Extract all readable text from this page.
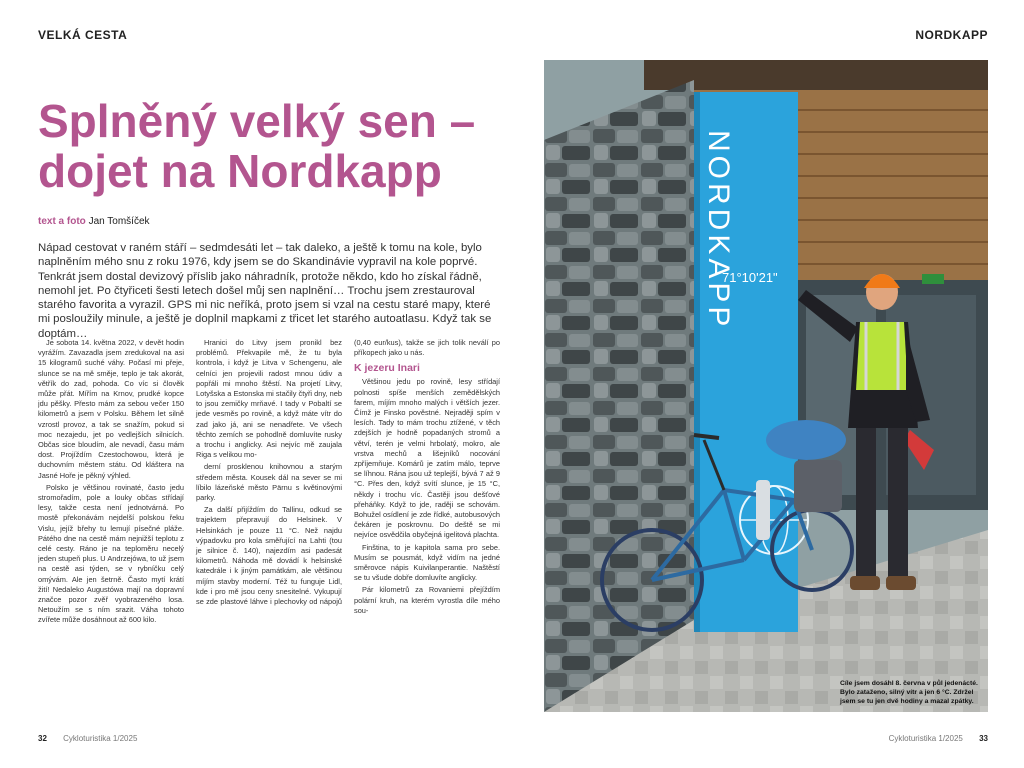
VELKÁ CESTA
Splněný velký sen –
dojet na Nordkapp
text a foto Jan Tomšíček
Nápad cestovat v raném stáří – sedmdesáti let – tak daleko, a ještě k tomu na kole, bylo naplněním mého snu z roku 1976, kdy jsem se do Skandinávie vypravil na kole poprvé. Tenkrát jsem dostal devizový příslib jako náhradník, protože někdo, kdo ho získal řádně, nemohl jet. Po čtyřiceti šesti letech došel můj sen naplnění… Trochu jsem zrestauroval starého favorita a vyrazil. GPS mi nic neříká, proto jsem si vzal na cestu staré mapy, které mi posloužily minule, a ještě je doplnil mapkami z třicet let starého autoatlasu. Když tak se doptám…

Je sobota 14. května 2022, v devět hodin vyrážím. Zavazadla jsem zredukoval na asi 15 kilogramů suché váhy. Počasí mi přeje, slunce se na mě směje, teplo je tak akorát, větřík do zad, pohoda. Co víc si člověk může přát. Mířím na Krnov, prudké kopce jdu pěšky. Přesto mám za sebou večer 150 kilometrů a jsem v Polsku. Během let silně vzrostl provoz, a tak se snažím, pokud si moc nezajedu, jet po vedlejších silnicích. Občas sice bloudím, ale nevadí, času mám dost. Projíždím Czestochowou, která je duchovním městem státu. Od kláštera na Jasné Hoře je pěkný výhled.

Polsko je většinou rovinaté, často jedu stromořadím, pole a louky občas střídají lesy, takže cesta není jednotvárná. Po mostě překonávám nejdelší polskou řeku Vislu, jejíž břehy tu lemují písečné pláže. Pátého dne na cestě mám nejnižší teplotu z celé cesty. Ráno je na teploměru necelý jeden stupeň plus. U Andrzejówa, to už jsem na cestě asi týden, se v rybníčku celý omývám. Ale jen šetrně. Často mytí krátí žití! Nedaleko Augustówa mají na dopravní značce pozor zvěř vyobrazeného losa. Netoužím se s ním srazit. Váha tohoto zvířete může dosáhnout až 600 kilo.

Hranici do Litvy jsem pronikl bez problémů. Překvapile mě, že tu byla kontrola, i když je Litva v Schengenu, ale celníci jen projevili radost mnou údiv a popřáli mi mnoho štěstí. Na projetí Litvy, Lotyšska a Estonska mi stačily čtyři dny, neb to jsou zemičky mrňavé. I tady v Pobaltí se jede vesměs po rovině, a když máte vítr do zad jako já, ani se nenadřete. Ve všech těchto zemích se pohodlně domluvíte rusky a trochu i anglicky. Asi nejvíc mě zaujala Riga s velikou mo-

derní prosklenou knihovnou a starým středem města. Kousek dál na sever se mi líbilo lázeňské město Pärnu s květinovými parky.

Za další přijíždím do Tallinu, odkud se trajektem přepravují do Helsinek. V Helsinkách je pouze 11 °C. Než najdu výpadovku pro kola směřující na Lahti (tou je silnice č. 140), najezdím asi padesát kilometrů. Náhoda mě dovádí k helsinské katedrále i k jiným památkám, ale většinou míjím stavby moderní. Též tu funguje Lidl, kde i pro mě jsou ceny snesitelné. Vykupují se zde plastové láhve i plechovky od nápojů (0,40 eur/kus), takže se jich tolik neválí po příkopech jako u nás.

K jezeru Inari

Většinou jedu po rovině, lesy střídají polnosti spíše menších zemědělských farem, míjím mnoho malých i větších jezer. Čímž je Finsko pověstné. Nejraději spím v lesích. Tady to mám trochu ztížené, v těch zdejších je hodně popadaných stromů a větví, terén je velmi hrbolatý, mokro, ale vrstva mechů a lišejníků nocování zpříjemňuje. Komárů je zatím málo, teprve se líhnou. Rána jsou už teplejší, bývá 7 až 9 °C. Přes den, když svítí slunce, je 15 °C, někdy i trochu víc. Častěji jsou dešťové přeháňky. Když to jde, raději se schovám. Bohužel osídlení je zde řídké, autobusových čekáren je poskrovnu. Do deště se mi nejvíce osvědčila obyčejná igelitová plachta.

Finština, to je kapitola sama pro sebe. Musím se pousmát, když vidím na jedné směrovce nápis Kuivilanperantie. Naštěstí se tu všude dobře domluvíte anglicky.

Pár kilometrů za Rovaniemi přejíždím polární kruh, na kterém vyrostla díle mého sou-

32 Cykloturistika 1/2025
NORDKAPP
Cykloturistika 1/2025 33
NORDKAPP
71°10'21"
Cíle jsem dosáhl 8. června v půl jedenácté. Bylo zataženo, silný vítr a jen 6 °C. Zdržel jsem se tu jen dvě hodiny a mazal zpátky.
